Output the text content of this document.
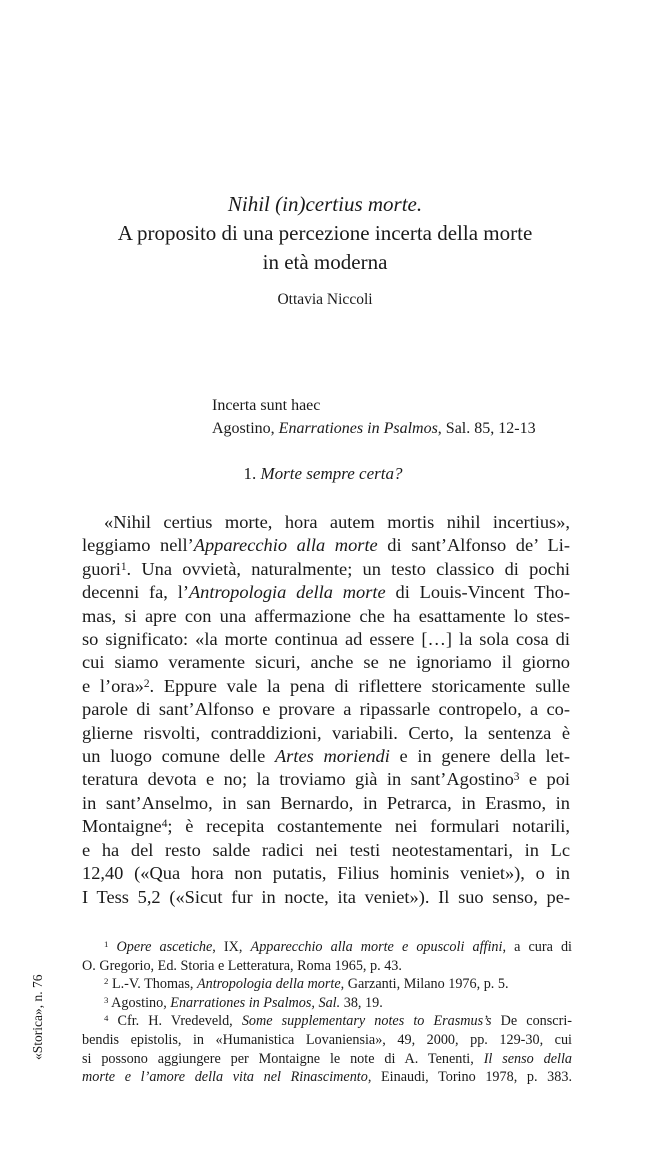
Nihil (in)certius morte.
A proposito di una percezione incerta della morte
in età moderna
Ottavia Niccoli
Incerta sunt haec
Agostino, Enarrationes in Psalmos, Sal. 85, 12-13
1. Morte sempre certa?
«Nihil certius morte, hora autem mortis nihil incertius»,
leggiamo nell’Apparecchio alla morte di sant’Alfonso de’ Li-
guori$^1$. Una ovvietà, naturalmente; un testo classico di pochi
decenni fa, l’Antropologia della morte di Louis-Vincent Tho-
mas, si apre con una affermazione che ha esattamente lo stes-
so significato: «la morte continua ad essere […] la sola cosa di
cui siamo veramente sicuri, anche se ne ignoriamo il giorno
e l’ora»$^2$. Eppure vale la pena di riflettere storicamente sulle
parole di sant’Alfonso e provare a ripassarle contropelo, a co-
glierne risvolti, contraddizioni, variabili. Certo, la sentenza è
un luogo comune delle Artes moriendi e in genere della let-
teratura devota e no; la troviamo già in sant’Agostino$^3$ e poi
in sant’Anselmo, in san Bernardo, in Petrarca, in Erasmo, in
Montaigne$^4$; è recepita costantemente nei formulari notarili,
e ha del resto salde radici nei testi neotestamentari, in Lc
12,40 («Qua hora non putatis, Filius hominis veniet»), o in
I Tess 5,2 («Sicut fur in nocte, ita veniet»). Il suo senso, pe-
$^1$ Opere ascetiche, IX, Apparecchio alla morte e opuscoli affini, a cura di
O. Gregorio, Ed. Storia e Letteratura, Roma 1965, p. 43.
$^2$ L.-V. Thomas, Antropologia della morte, Garzanti, Milano 1976, p. 5.
$^3$ Agostino, Enarrationes in Psalmos, Sal. 38, 19.
$^4$ Cfr. H. Vredeveld, Some supplementary notes to Erasmus’s De conscri-
bendis epistolis, in «Humanistica Lovaniensia», 49, 2000, pp. 129-30, cui
si possono aggiungere per Montaigne le note di A. Tenenti, Il senso della
morte e l’amore della vita nel Rinascimento, Einaudi, Torino 1978, p. 383.
«Storica», n. 76
